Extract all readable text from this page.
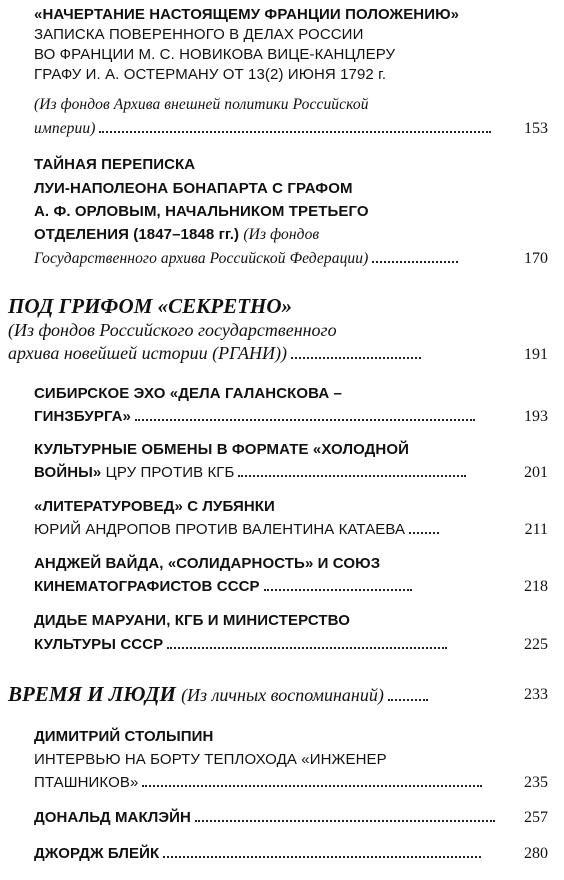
«НАЧЕРТАНИЕ НАСТОЯЩЕМУ ФРАНЦИИ ПОЛОЖЕНИЮ»
ЗАПИСКА ПОВЕРЕННОГО В ДЕЛАХ РОССИИ
ВО ФРАНЦИИ М. С. НОВИКОВА ВИЦЕ-КАНЦЛЕРУ
ГРАФУ И. А. ОСТЕРМАНУ ОТ 13(2) ИЮНЯ 1792 г.
(Из фондов Архива внешней политики Российской
империи)	153
ТАЙНАЯ ПЕРЕПИСКА
ЛУИ-НАПОЛЕОНА БОНАПАРТА С ГРАФОМ
А. Ф. ОРЛОВЫМ, НАЧАЛЬНИКОМ ТРЕТЬЕГО
ОТДЕЛЕНИЯ (1847–1848 гг.) (Из фондов
Государственного архива Российской Федерации)	170
ПОД ГРИФОМ «СЕКРЕТНО»
(Из фондов Российского государственного
архива новейшей истории (РГАНИ))	191
СИБИРСКОЕ ЭХО «ДЕЛА ГАЛАНСКОВА –
ГИНЗБУРГА»	193
КУЛЬТУРНЫЕ ОБМЕНЫ В ФОРМАТЕ «ХОЛОДНОЙ
ВОЙНЫ» ЦРУ ПРОТИВ КГБ	201
«ЛИТЕРАТУРОВЕД» С ЛУБЯНКИ
ЮРИЙ АНДРОПОВ ПРОТИВ ВАЛЕНТИНА КАТАЕВА	211
АНДЖЕЙ ВАЙДА, «СОЛИДАРНОСТЬ» И СОЮЗ
КИНЕМАТОГРАФИСТОВ СССР	218
ДИДЬЕ МАРУАНИ, КГБ И МИНИСТЕРСТВО
КУЛЬТУРЫ СССР	225
ВРЕМЯ И ЛЮДИ (Из личных воспоминаний)	233
ДИМИТРИЙ СТОЛЫПИН
ИНТЕРВЬЮ НА БОРТУ ТЕПЛОХОДА «ИНЖЕНЕР
ПТАШНИКОВ»	235
ДОНАЛЬД МАКЛЭЙН	257
ДЖОРДЖ БЛЕЙК	280
